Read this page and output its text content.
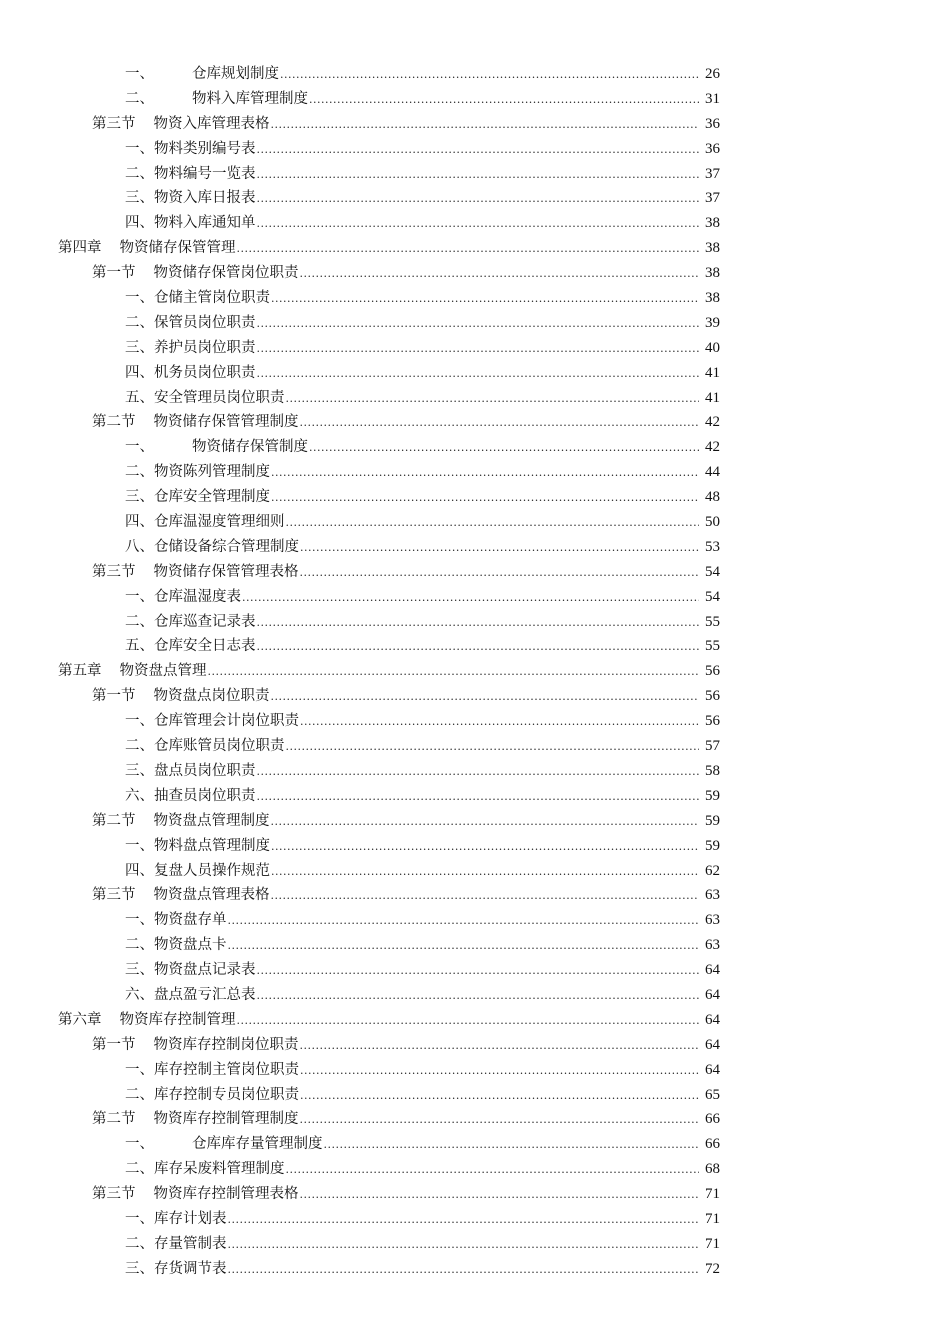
一、	仓库规划制度 .....	26
二、	物料入库管理制度 .....	31
第三节 物资入库管理表格 .....	36
一、物料类别编号表 .....	36
二、物料编号一览表 .....	37
三、物资入库日报表 .....	37
四、物料入库通知单 .....	38
第四章 物资储存保管管理 .....	38
第一节 物资储存保管岗位职责 .....	38
一、仓储主管岗位职责 .....	38
二、保管员岗位职责 .....	39
三、养护员岗位职责 .....	40
四、机务员岗位职责 .....	41
五、安全管理员岗位职责 .....	41
第二节 物资储存保管管理制度 .....	42
一、	物资储存保管制度 .....	42
二、物资陈列管理制度 .....	44
三、仓库安全管理制度 .....	48
四、仓库温湿度管理细则 .....	50
八、仓储设备综合管理制度 .....	53
第三节 物资储存保管管理表格 .....	54
一、仓库温湿度表 .....	54
二、仓库巡查记录表 .....	55
五、仓库安全日志表 .....	55
第五章 物资盘点管理 .....	56
第一节 物资盘点岗位职责 .....	56
一、仓库管理会计岗位职责 .....	56
二、仓库账管员岗位职责 .....	57
三、盘点员岗位职责 .....	58
六、抽查员岗位职责 .....	59
第二节 物资盘点管理制度 .....	59
一、物料盘点管理制度 .....	59
四、复盘人员操作规范 .....	62
第三节 物资盘点管理表格 .....	63
一、物资盘存单 .....	63
二、物资盘点卡 .....	63
三、物资盘点记录表 .....	64
六、盘点盈亏汇总表 .....	64
第六章 物资库存控制管理 .....	64
第一节 物资库存控制岗位职责 .....	64
一、库存控制主管岗位职责 .....	64
二、库存控制专员岗位职责 .....	65
第二节 物资库存控制管理制度 .....	66
一、	仓库库存量管理制度 .....	66
二、库存呆废料管理制度 .....	68
第三节 物资库存控制管理表格 .....	71
一、库存计划表 .....	71
二、存量管制表 .....	71
三、存货调节表 .....	72
